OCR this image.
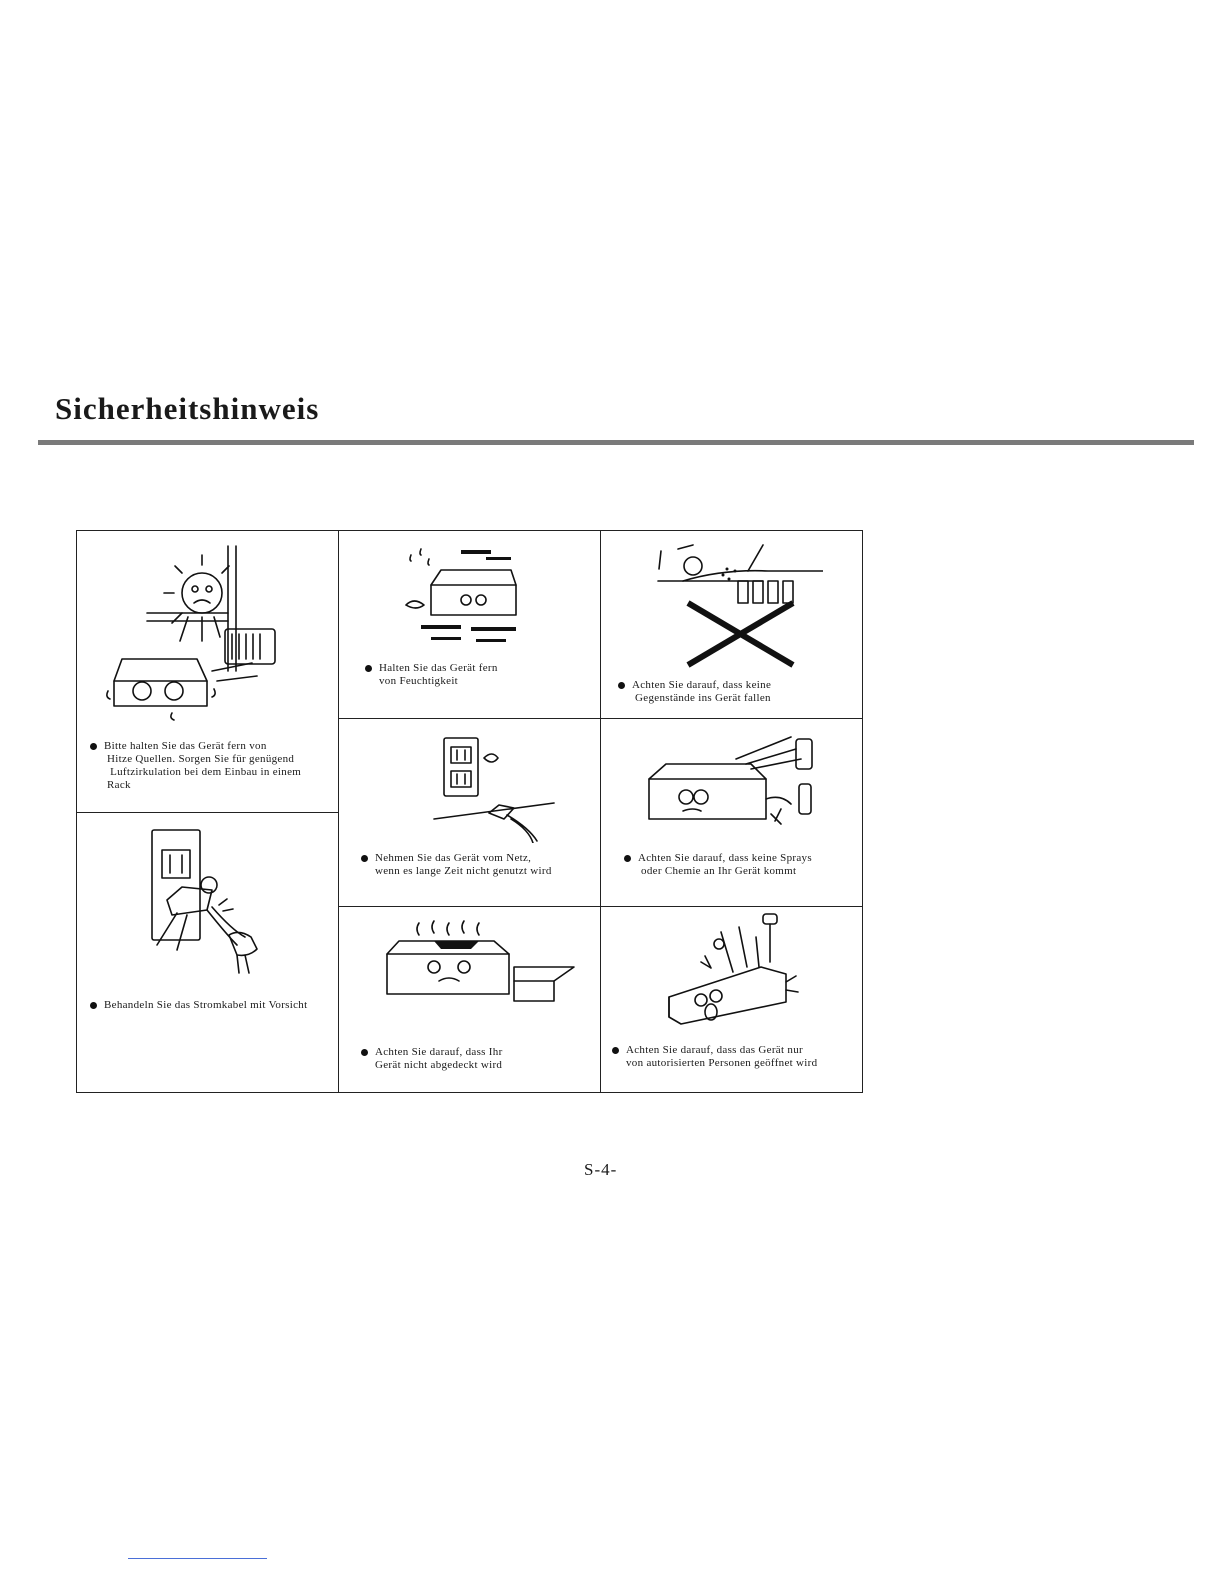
Sicherheitshinweis
Bitte halten Sie das Gerät fern von
Hitze Quellen. Sorgen Sie für genügend
Luftzirkulation bei dem Einbau in einem
Rack
Halten Sie das Gerät fern
von Feuchtigkeit	Achten Sie darauf, dass keine
Gegenstände ins Gerät fallen
Nehmen Sie das Gerät vom Netz,
wenn es lange Zeit nicht genutzt wird
Achten Sie darauf, dass keine Sprays
oder Chemie an Ihr Gerät kommt
Behandeln Sie das Stromkabel mit Vorsicht
Achten Sie darauf, dass Ihr
Gerät nicht abgedeckt wird
Achten Sie darauf, dass das Gerät nur
von autorisierten Personen geöffnet wird
S-4-
